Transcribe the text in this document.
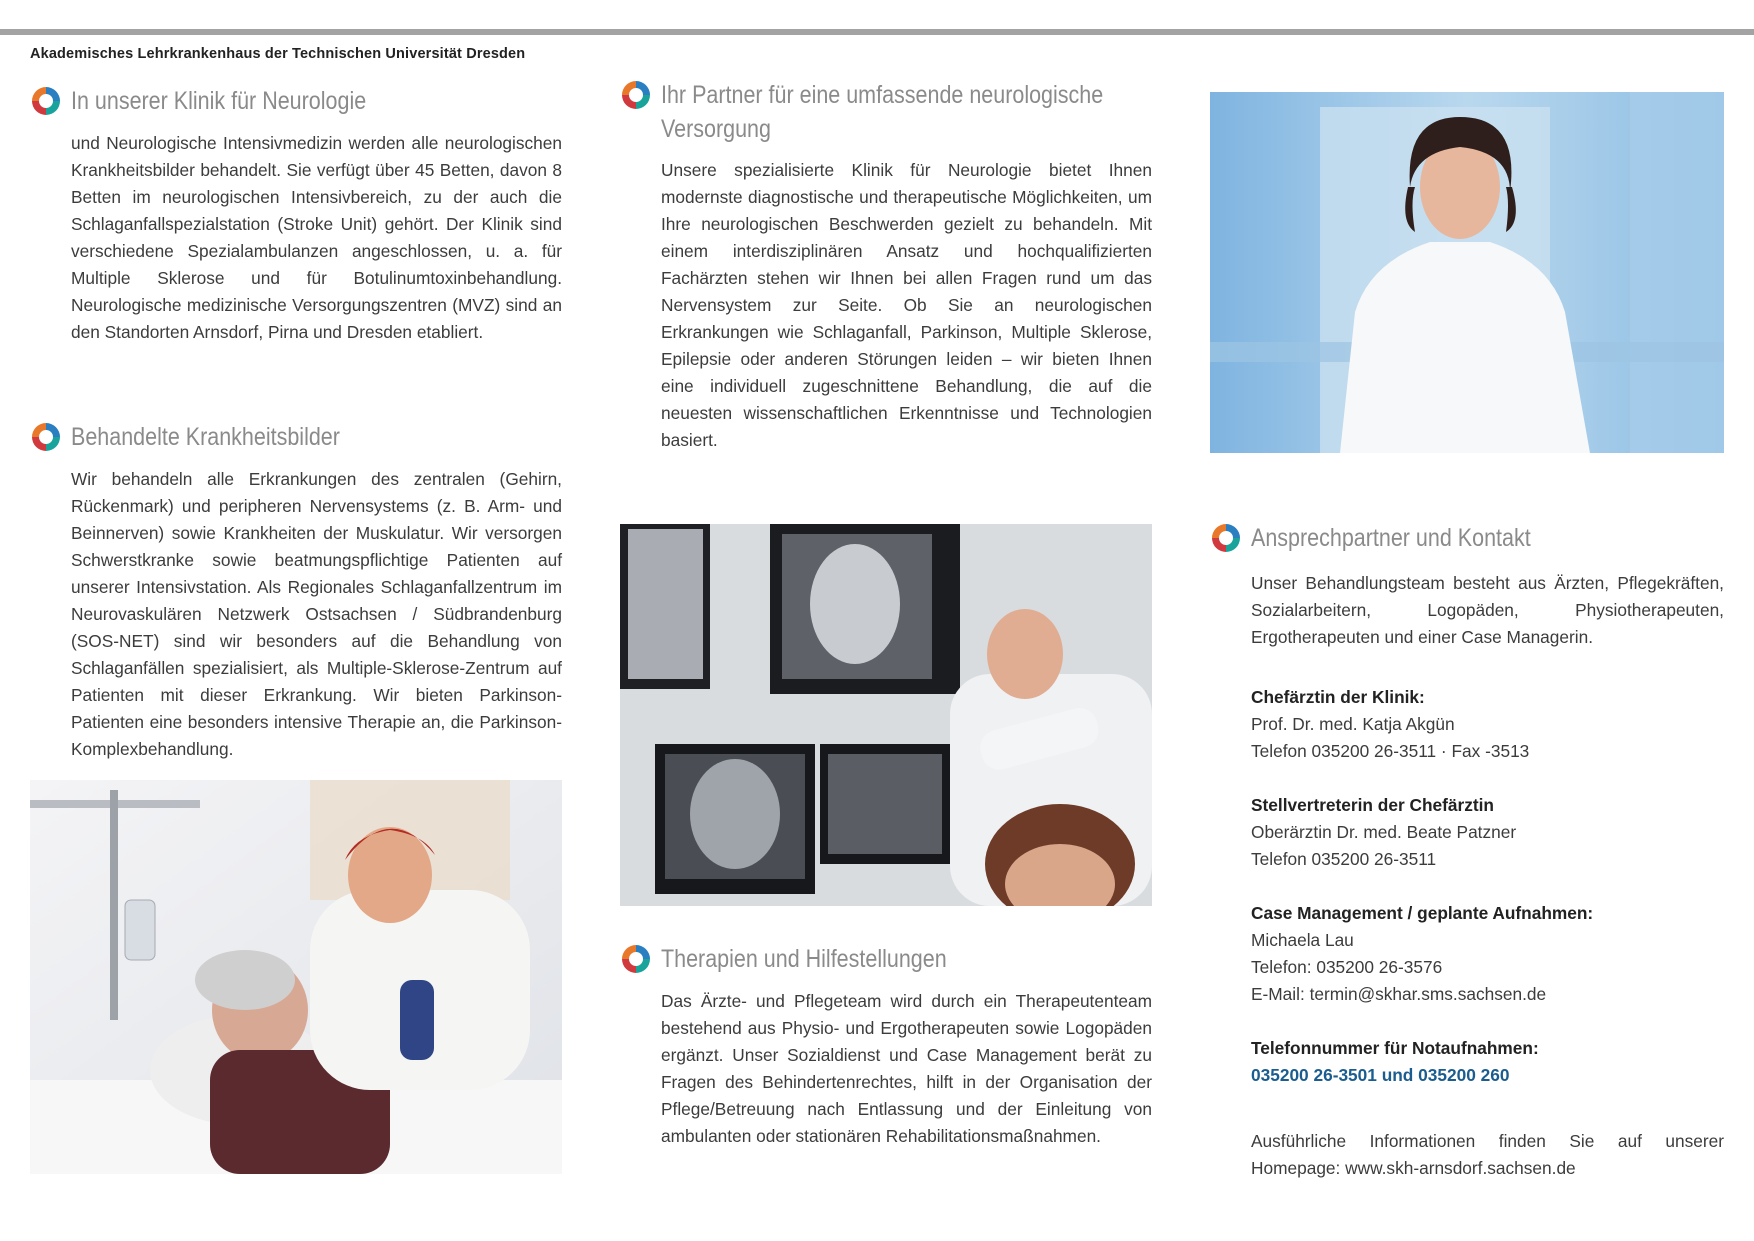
Akademisches Lehrkrankenhaus der Technischen Universität Dresden
In unserer Klinik für Neurologie

und Neurologische Intensivmedizin werden alle neurologischen Krankheitsbilder behandelt. Sie verfügt über 45 Betten, davon 8 Betten im neurologischen Intensivbereich, zu der auch die Schlaganfallspezialstation (Stroke Unit) gehört. Der Klinik sind verschiedene Spezialambulanzen angeschlossen, u. a. für Multiple Sklerose und für Botulinumtoxinbehandlung. Neurologische medizinische Versorgungszentren (MVZ) sind an den Standorten Arnsdorf, Pirna und Dresden etabliert.

Behandelte Krankheitsbilder

Wir behandeln alle Erkrankungen des zentralen (Gehirn, Rückenmark) und peripheren Nervensystems (z. B. Arm- und Beinnerven) sowie Krankheiten der Muskulatur. Wir versorgen Schwerstkranke sowie beatmungspflichtige Patienten auf unserer Intensivstation. Als Regionales Schlaganfallzentrum im Neurovaskulären Netzwerk Ostsachsen / Südbrandenburg (SOS-NET) sind wir besonders auf die Behandlung von Schlaganfällen spezialisiert, als Multiple-Sklerose-Zentrum auf Patienten mit dieser Erkrankung. Wir bieten Parkinson-Patienten eine besonders intensive Therapie an, die Parkinson-Komplexbehandlung.

Ihr Partner für eine umfassende neurologische
Versorgung

Unsere spezialisierte Klinik für Neurologie bietet Ihnen modernste diagnostische und therapeutische Möglichkeiten, um Ihre neurologischen Beschwerden gezielt zu behandeln. Mit einem interdisziplinären Ansatz und hochqualifizierten Fachärzten stehen wir Ihnen bei allen Fragen rund um das Nervensystem zur Seite. Ob Sie an neurologischen Erkrankungen wie Schlaganfall, Parkinson, Multiple Sklerose, Epilepsie oder anderen Störungen leiden – wir bieten Ihnen eine individuell zugeschnittene Behandlung, die auf die neuesten wissenschaftlichen Erkenntnisse und Technologien basiert.

Therapien und Hilfestellungen

Das Ärzte- und Pflegeteam wird durch ein Therapeutenteam bestehend aus Physio- und Ergotherapeuten sowie Logopäden ergänzt. Unser Sozialdienst und Case Management berät zu Fragen des Behindertenrechtes, hilft in der Organisation der Pflege/Betreuung nach Entlassung und der Einleitung von ambulanten oder stationären Rehabilitationsmaßnahmen.

Ansprechpartner und Kontakt

Unser Behandlungsteam besteht aus Ärzten, Pflegekräften, Sozialarbeitern, Logopäden, Physiotherapeuten, Ergotherapeuten und einer Case Managerin.

Chefärztin der Klinik:
Prof. Dr. med. Katja Akgün
Telefon 035200 26-3511 · Fax -3513
Stellvertreterin der Chefärztin
Oberärztin Dr. med. Beate Patzner
Telefon 035200 26-3511
Case Management / geplante Aufnahmen:
Michaela Lau
Telefon: 035200 26-3576
E-Mail: termin@skhar.sms.sachsen.de
Telefonnummer für Notaufnahmen:
035200 26-3501 und 035200 260

Ausführliche Informationen finden Sie auf unserer Homepage: www.skh-arnsdorf.sachsen.de
